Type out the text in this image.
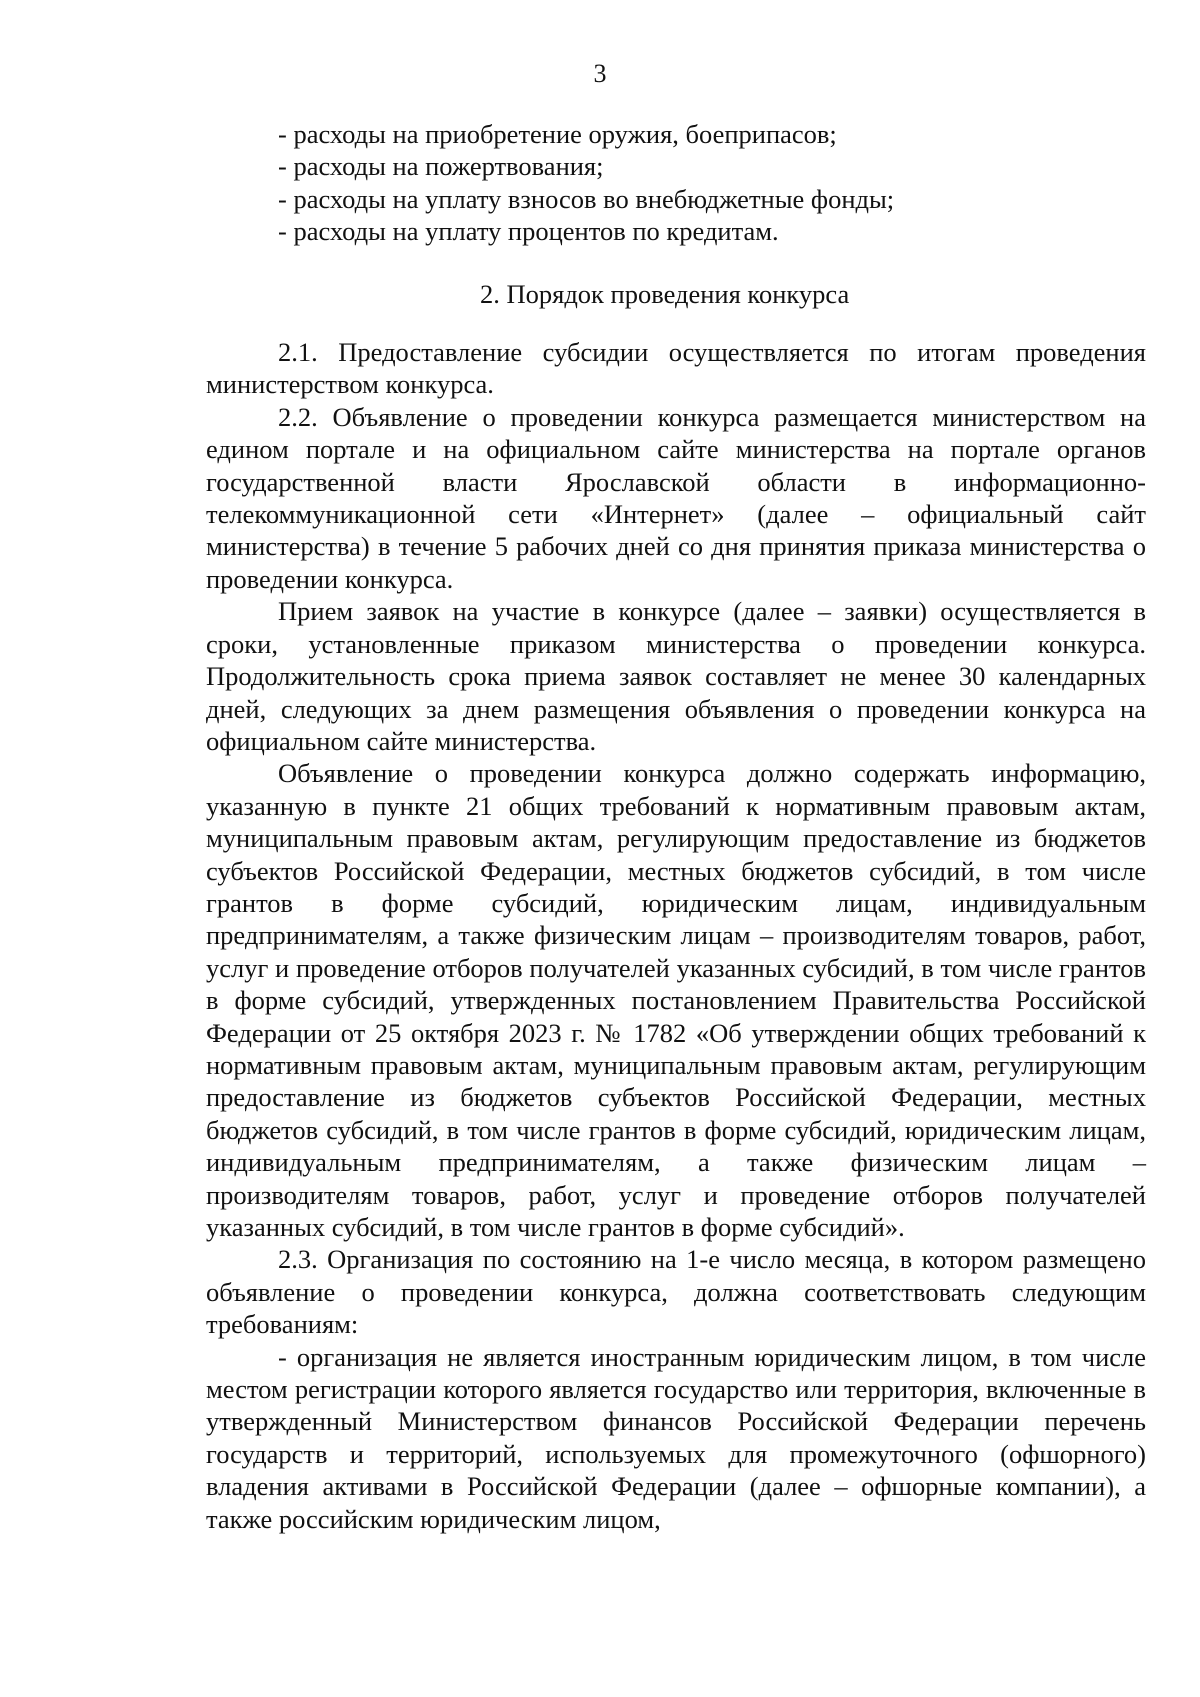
3

- расходы на приобретение оружия, боеприпасов;

- расходы на пожертвования;

- расходы на уплату взносов во внебюджетные фонды;

- расходы на уплату процентов по кредитам.

2. Порядок проведения конкурса

2.1. Предоставление субсидии осуществляется по итогам проведения министерством конкурса.

2.2. Объявление о проведении конкурса размещается министерством на едином портале и на официальном сайте министерства на портале органов государственной власти Ярославской области в информационно-телекоммуникационной сети «Интернет» (далее – официальный сайт министерства) в течение 5 рабочих дней со дня принятия приказа министерства о проведении конкурса.

Прием заявок на участие в конкурсе (далее – заявки) осуществляется в сроки, установленные приказом министерства о проведении конкурса. Продолжительность срока приема заявок составляет не менее 30 календарных дней, следующих за днем размещения объявления о проведении конкурса на официальном сайте министерства.

Объявление о проведении конкурса должно содержать информацию, указанную в пункте 21 общих требований к нормативным правовым актам, муниципальным правовым актам, регулирующим предоставление из бюджетов субъектов Российской Федерации, местных бюджетов субсидий, в том числе грантов в форме субсидий, юридическим лицам, индивидуальным предпринимателям, а также физическим лицам – производителям товаров, работ, услуг и проведение отборов получателей указанных субсидий, в том числе грантов в форме субсидий, утвержденных постановлением Правительства Российской Федерации от 25 октября 2023 г. № 1782 «Об утверждении общих требований к нормативным правовым актам, муниципальным правовым актам, регулирующим предоставление из бюджетов субъектов Российской Федерации, местных бюджетов субсидий, в том числе грантов в форме субсидий, юридическим лицам, индивидуальным предпринимателям, а также физическим лицам – производителям товаров, работ, услуг и проведение отборов получателей указанных субсидий, в том числе грантов в форме субсидий».

2.3. Организация по состоянию на 1-е число месяца, в котором размещено объявление о проведении конкурса, должна соответствовать следующим требованиям:

- организация не является иностранным юридическим лицом, в том числе местом регистрации которого является государство или территория, включенные в утвержденный Министерством финансов Российской Федерации перечень государств и территорий, используемых для промежуточного (офшорного) владения активами в Российской Федерации (далее – офшорные компании), а также российским юридическим лицом,
